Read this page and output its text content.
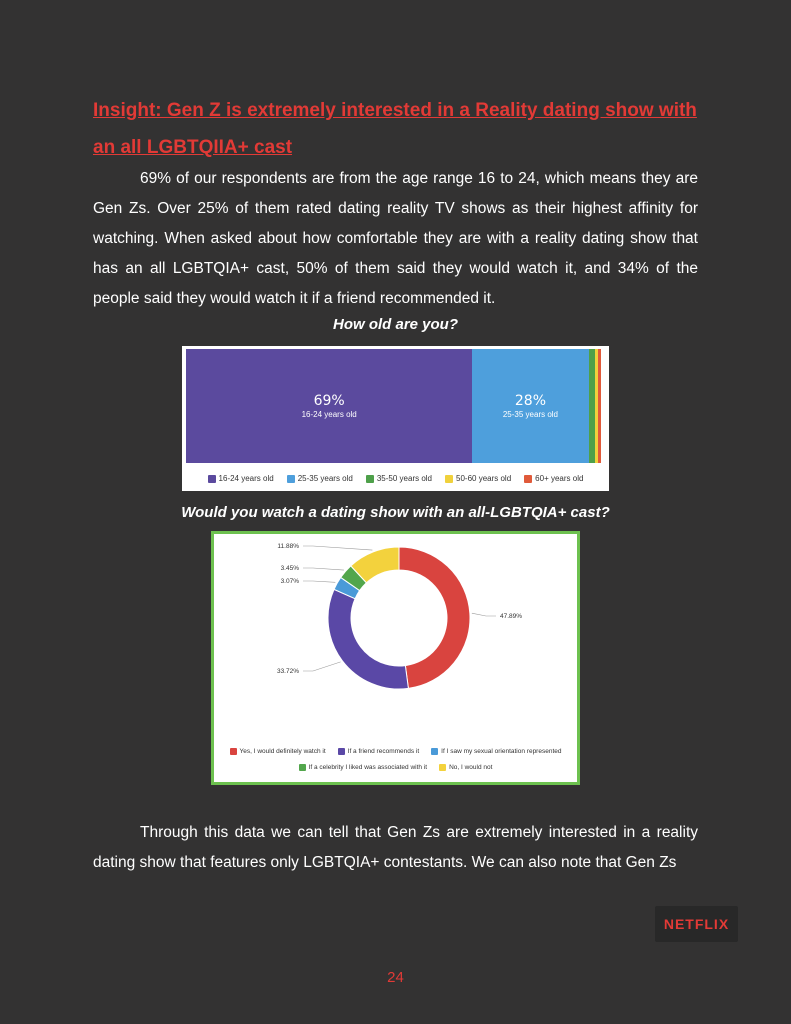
Insight: Gen Z is extremely interested in a Reality dating show with an all LGBTQIIA+ cast

69% of our respondents are from the age range 16 to 24, which means they are Gen Zs. Over 25% of them rated dating reality TV shows as their highest affinity for watching. When asked about how comfortable they are with a reality dating show that has an all LGBTQIA+ cast, 50% of them said they would watch it, and 34% of the people said they would watch it if a friend recommended it.

How old are you?

69%
16-24 years old
28%
25-35 years old
16-24 years old	25-35 years old	35-50 years old	50-60 years old	60+ years old

Would you watch a dating show with an all-LGBTQIA+ cast?

47.89%
33.72%
3.07%
3.45%
11.88%
Yes, I would definitely watch it	If a friend recommends it	If I saw my sexual orientation represented
If a celebrity I liked was associated with it	No, I would not

Through this data we can tell that Gen Zs are extremely interested in a reality dating show that features only LGBTQIA+ contestants. We can also note that Gen Zs

NETFLIX
24
